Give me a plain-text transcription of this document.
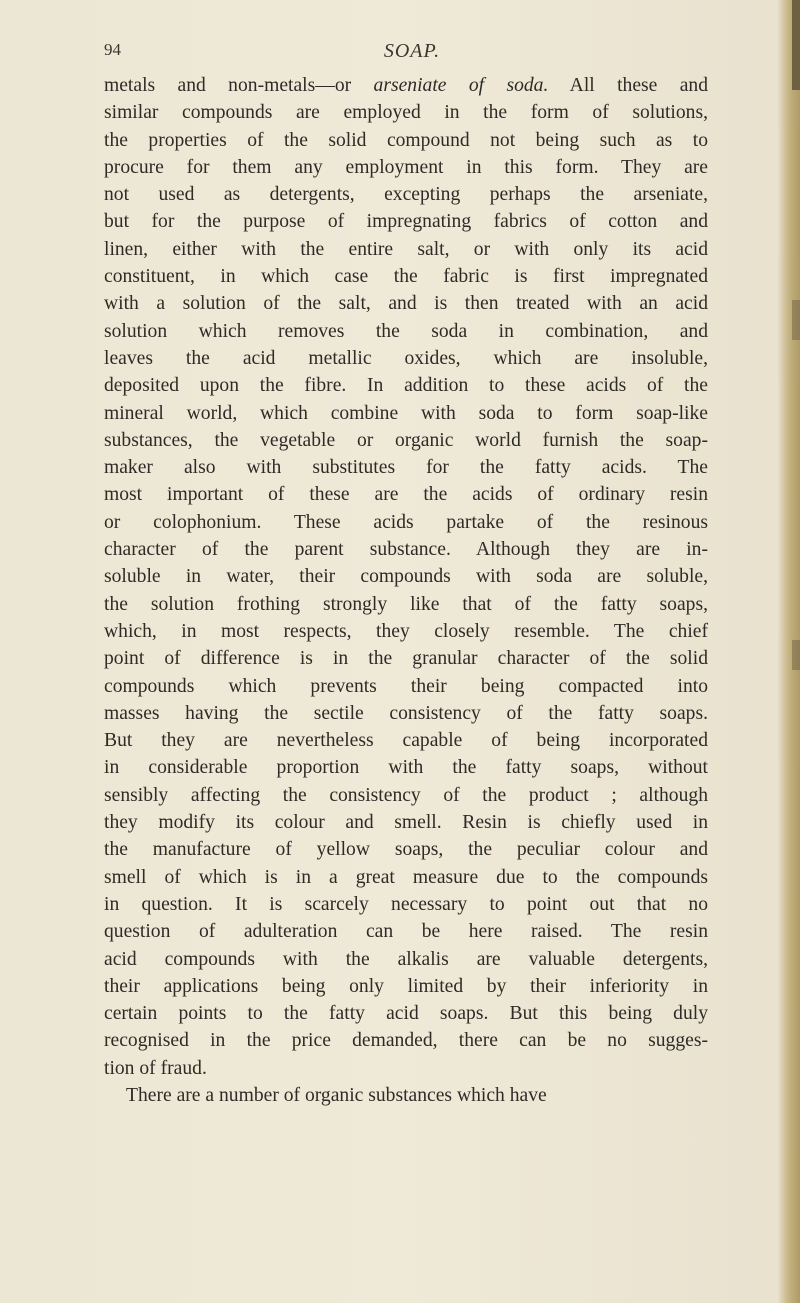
94	SOAP.
metals and non-metals—or arseniate of soda. All these and
similar compounds are employed in the form of solutions,
the properties of the solid compound not being such as to
procure for them any employment in this form. They are
not used as detergents, excepting perhaps the arseniate,
but for the purpose of impregnating fabrics of cotton and
linen, either with the entire salt, or with only its acid
constituent, in which case the fabric is first impregnated
with a solution of the salt, and is then treated with an acid
solution which removes the soda in combination, and
leaves the acid metallic oxides, which are insoluble,
deposited upon the fibre. In addition to these acids of the
mineral world, which combine with soda to form soap-like
substances, the vegetable or organic world furnish the soap-
maker also with substitutes for the fatty acids. The
most important of these are the acids of ordinary resin
or colophonium. These acids partake of the resinous
character of the parent substance. Although they are in-
soluble in water, their compounds with soda are soluble,
the solution frothing strongly like that of the fatty soaps,
which, in most respects, they closely resemble. The chief
point of difference is in the granular character of the solid
compounds which prevents their being compacted into
masses having the sectile consistency of the fatty soaps.
But they are nevertheless capable of being incorporated
in considerable proportion with the fatty soaps, without
sensibly affecting the consistency of the product ; although
they modify its colour and smell. Resin is chiefly used in
the manufacture of yellow soaps, the peculiar colour and
smell of which is in a great measure due to the compounds
in question. It is scarcely necessary to point out that no
question of adulteration can be here raised. The resin
acid compounds with the alkalis are valuable detergents,
their applications being only limited by their inferiority in
certain points to the fatty acid soaps. But this being duly
recognised in the price demanded, there can be no sugges-
tion of fraud.
There are a number of organic substances which have
